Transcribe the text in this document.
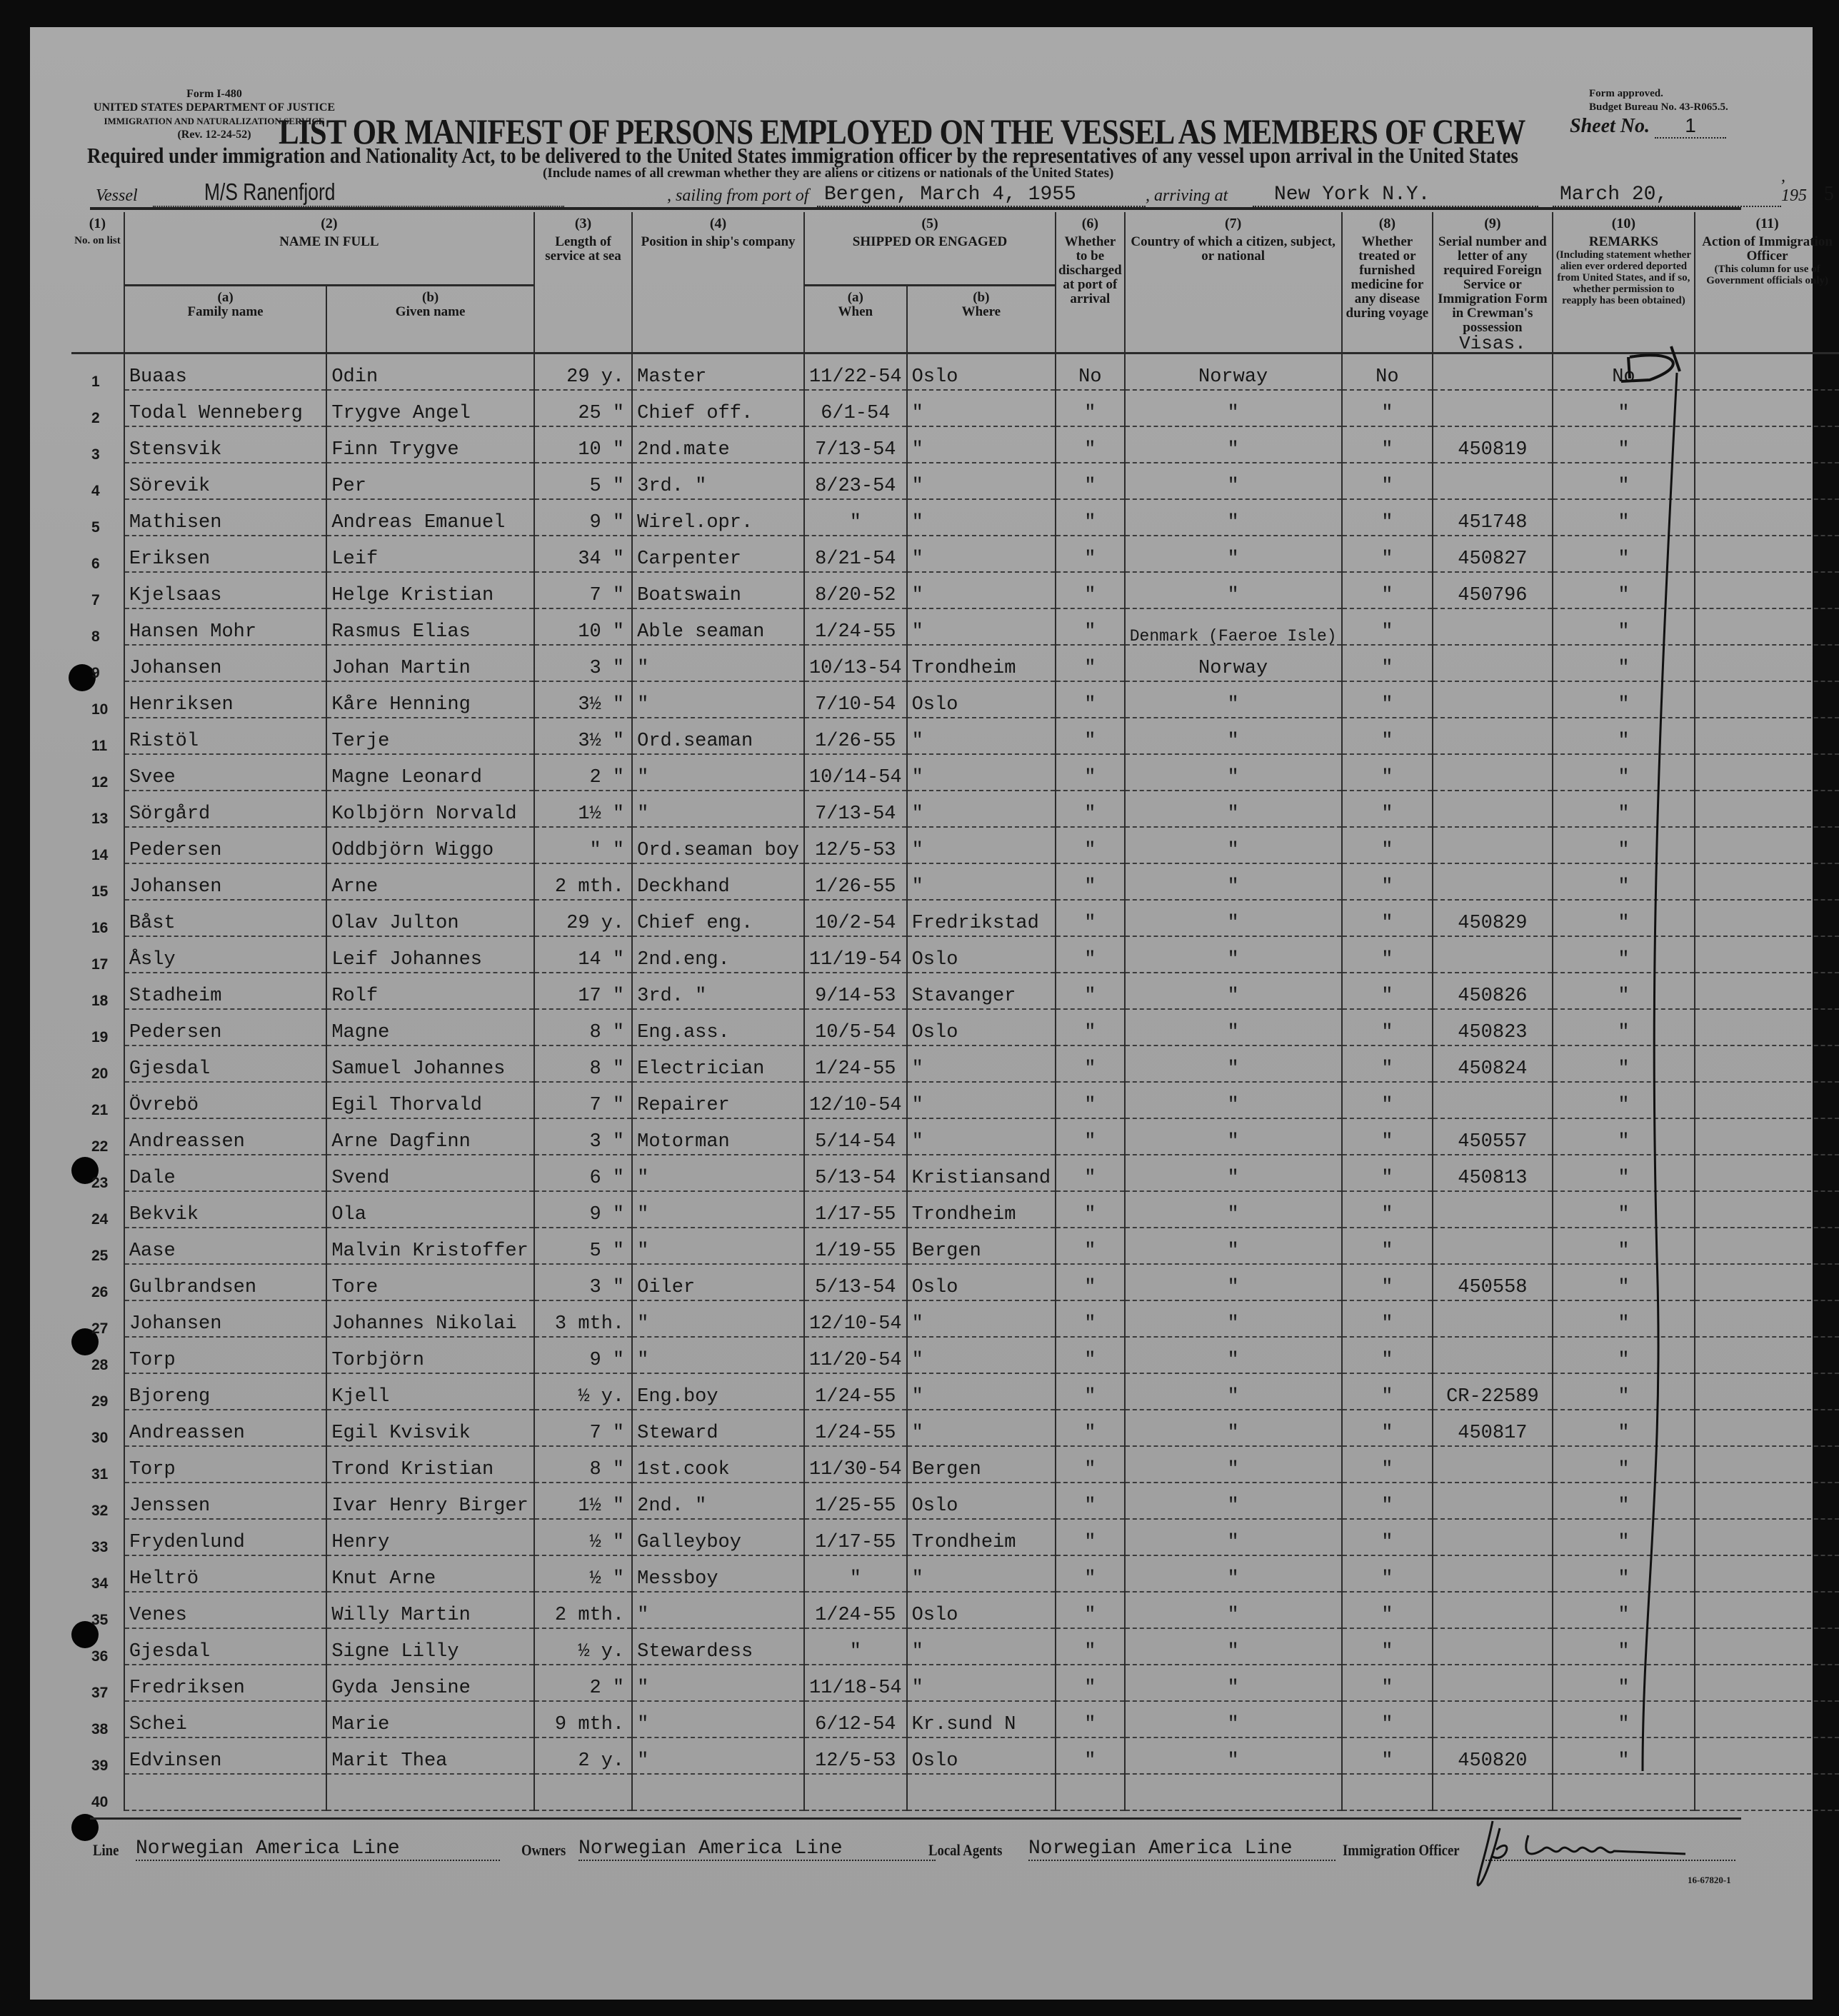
Form I-480
UNITED STATES DEPARTMENT OF JUSTICE
IMMIGRATION AND NATURALIZATION SERVICE
(Rev. 12-24-52)
Form approved.
Budget Bureau No. 43-R065.5.
LIST OR MANIFEST OF PERSONS EMPLOYED ON THE VESSEL AS MEMBERS OF CREW Sheet No. 1
Required under immigration and Nationality Act, to be delivered to the United States immigration officer by the representatives of any vessel upon arrival in the United States
(Include names of all crewman whether they are aliens or citizens or nationals of the United States)
Vessel	M/S Ranenfjord	, sailing from port of Bergen, March 4, 1955	, arriving at New York N.Y.	March 20,
, 195 5
(1)
No. on list	(2)
NAME IN FULL		(3)
Length of service at sea	(4)
Position in ship's company	(5)
SHIPPED OR ENGAGED		(6)
Whether to be discharged at port of arrival	(7)
Country of which a citizen, subject, or national	(8)
Whether treated or furnished medicine for any disease during voyage	(9)
Serial number and letter of any required Foreign Service or Immigration Form in Crewman's possession
Visas.	(10)
REMARKS
(Including statement whether alien ever ordered deported from United States, and if so, whether permission to reapply has been obtained)	(11)
Action of Immigration Officer
(This column for use of Government officials only)

	(a)
Family name	(b)
Given name			(a)
When	(b)
Where						
1	Buaas	Odin	29 y.	Master	11/22-54	Oslo	No	Norway	No		No	
2	Todal Wenneberg	Trygve Angel	25 "	Chief off.	6/1-54	"	"	"	"		"	
3	Stensvik	Finn Trygve	10 "	2nd.mate	7/13-54	"	"	"	"	450819	"	
4	Sörevik	Per	5 "	3rd. "	8/23-54	"	"	"	"		"	
5	Mathisen	Andreas Emanuel	9 "	Wirel.opr.	"	"	"	"	"	451748	"	
6	Eriksen	Leif	34 "	Carpenter	8/21-54	"	"	"	"	450827	"	
7	Kjelsaas	Helge Kristian	7 "	Boatswain	8/20-52	"	"	"	"	450796	"	
8	Hansen Mohr	Rasmus Elias	10 "	Able seaman	1/24-55	"	"	Denmark (Faeroe Isle)	"		"	
9	Johansen	Johan Martin	3 "	"	10/13-54	Trondheim	"	Norway	"		"	
10	Henriksen	Kåre Henning	3½ "	"	7/10-54	Oslo	"	"	"		"	
11	Ristöl	Terje	3½ "	Ord.seaman	1/26-55	"	"	"	"		"	
12	Svee	Magne Leonard	2 "	"	10/14-54	"	"	"	"		"	
13	Sörgård	Kolbjörn Norvald	1½ "	"	7/13-54	"	"	"	"		"	
14	Pedersen	Oddbjörn Wiggo	" "	Ord.seaman boy	12/5-53	"	"	"	"		"	
15	Johansen	Arne	2 mth.	Deckhand	1/26-55	"	"	"	"		"	
16	Båst	Olav Julton	29 y.	Chief eng.	10/2-54	Fredrikstad	"	"	"	450829	"	
17	Åsly	Leif Johannes	14 "	2nd.eng.	11/19-54	Oslo	"	"	"		"	
18	Stadheim	Rolf	17 "	3rd. "	9/14-53	Stavanger	"	"	"	450826	"	
19	Pedersen	Magne	8 "	Eng.ass.	10/5-54	Oslo	"	"	"	450823	"	
20	Gjesdal	Samuel Johannes	8 "	Electrician	1/24-55	"	"	"	"	450824	"	
21	Övrebö	Egil Thorvald	7 "	Repairer	12/10-54	"	"	"	"		"	
22	Andreassen	Arne Dagfinn	3 "	Motorman	5/14-54	"	"	"	"	450557	"	
23	Dale	Svend	6 "	"	5/13-54	Kristiansand	"	"	"	450813	"	
24	Bekvik	Ola	9 "	"	1/17-55	Trondheim	"	"	"		"	
25	Aase	Malvin Kristoffer	5 "	"	1/19-55	Bergen	"	"	"		"	
26	Gulbrandsen	Tore	3 "	Oiler	5/13-54	Oslo	"	"	"	450558	"	
27	Johansen	Johannes Nikolai	3 mth.	"	12/10-54	"	"	"	"		"	
28	Torp	Torbjörn	9 "	"	11/20-54	"	"	"	"		"	
29	Bjoreng	Kjell	½ y.	Eng.boy	1/24-55	"	"	"	"	CR-22589	"	
30	Andreassen	Egil Kvisvik	7 "	Steward	1/24-55	"	"	"	"	450817	"	
31	Torp	Trond Kristian	8 "	1st.cook	11/30-54	Bergen	"	"	"		"	
32	Jenssen	Ivar Henry Birger	1½ "	2nd. "	1/25-55	Oslo	"	"	"		"	
33	Frydenlund	Henry	½ "	Galleyboy	1/17-55	Trondheim	"	"	"		"	
34	Heltrö	Knut Arne	½ "	Messboy	"	"	"	"	"		"	
35	Venes	Willy Martin	2 mth.	"	1/24-55	Oslo	"	"	"		"	
36	Gjesdal	Signe Lilly	½ y.	Stewardess	"	"	"	"	"		"	
37	Fredriksen	Gyda Jensine	2 "	"	11/18-54	"	"	"	"		"	
38	Schei	Marie	9 mth.	"	6/12-54	Kr.sund N	"	"	"		"	
39	Edvinsen	Marit Thea	2 y.	"	12/5-53	Oslo	"	"	"	450820	"	
40												
Line Norwegian America Line	Owners Norwegian America Line	Local Agents Norwegian America Line	Immigration Officer
16-67820-1
